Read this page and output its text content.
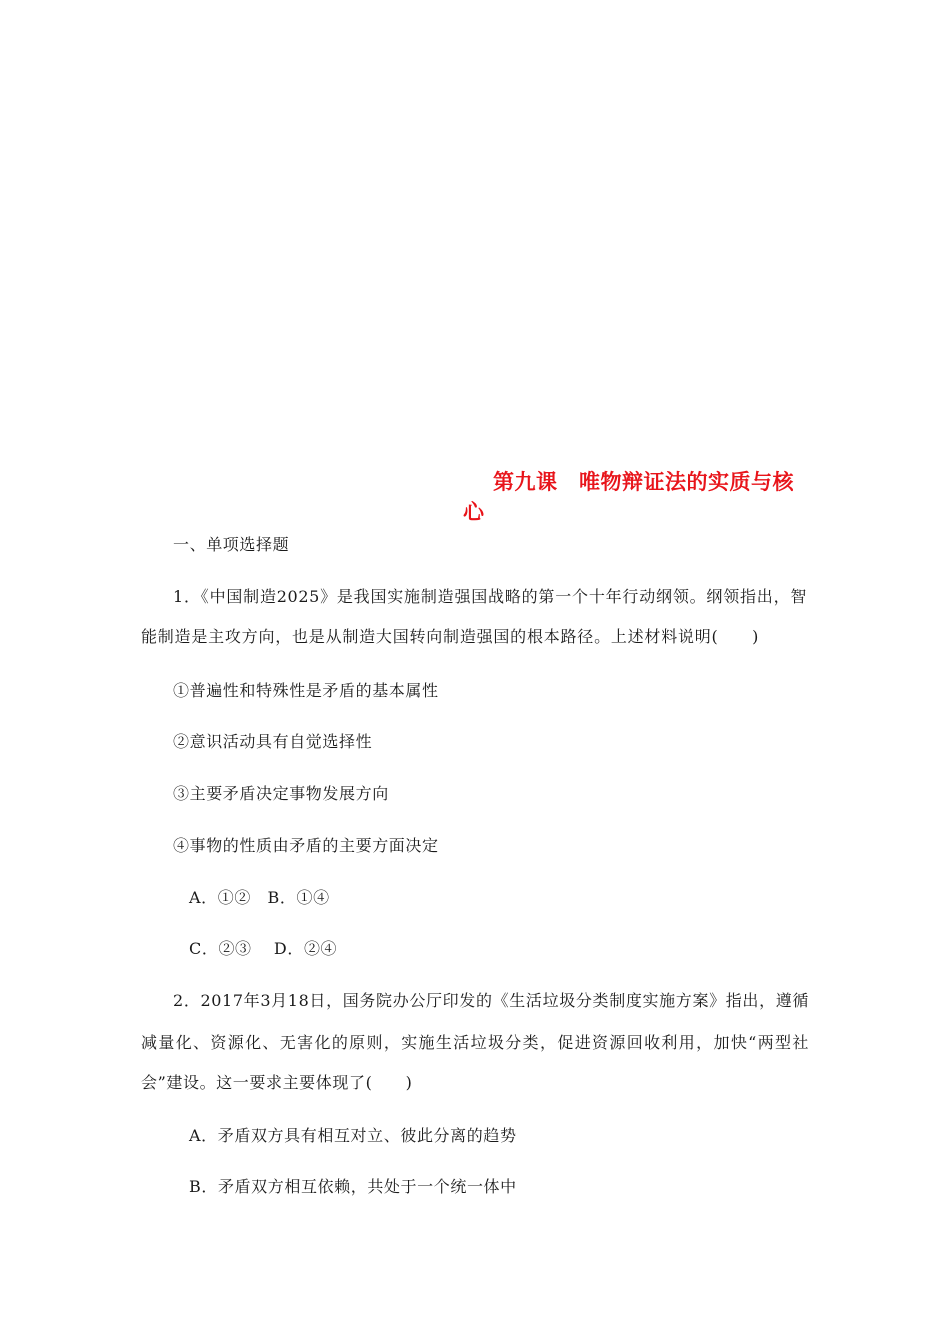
第九课　唯物辩证法的实质与核
心
一、单项选择题
1．《中国制造2025》是我国实施制造强国战略的第一个十年行动纲领。纲领指出，智
能制造是主攻方向，也是从制造大国转向制造强国的根本路径。上述材料说明(　　)
①普遍性和特殊性是矛盾的基本属性
②意识活动具有自觉选择性
③主要矛盾决定事物发展方向
④事物的性质由矛盾的主要方面决定
A．①②　B．①④
C．②③　 D．②④
2．2017年3月18日，国务院办公厅印发的《生活垃圾分类制度实施方案》指出，遵循
减量化、资源化、无害化的原则，实施生活垃圾分类，促进资源回收利用，加快“两型社
会”建设。这一要求主要体现了(　　)
A．矛盾双方具有相互对立、彼此分离的趋势
B．矛盾双方相互依赖，共处于一个统一体中
